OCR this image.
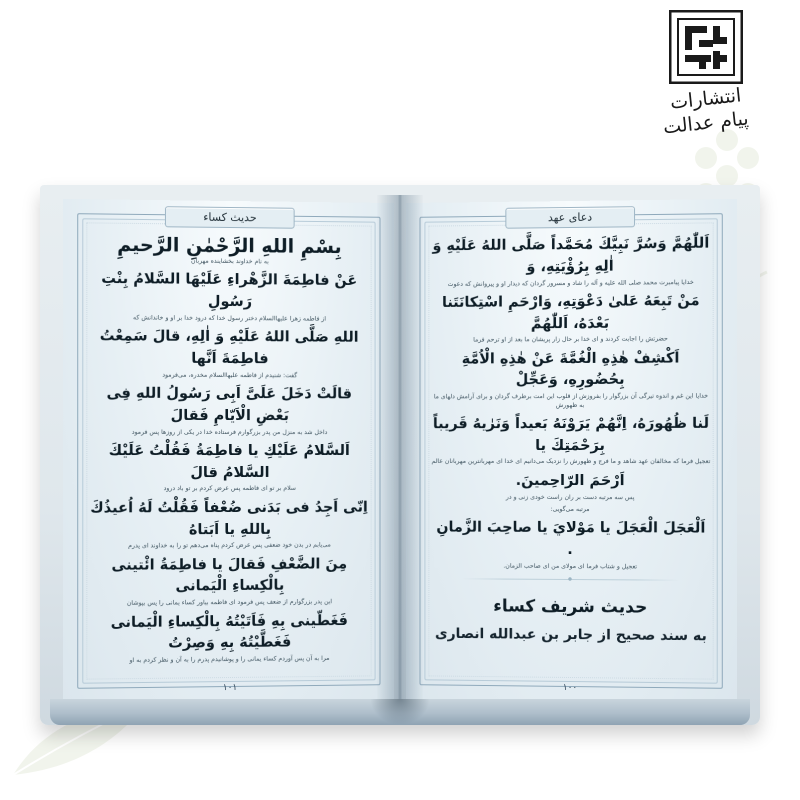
انتشارات
پیام عدالت
دعای عهد
اَللّٰهُمَّ وَسُرَّ نَبِيَّكَ مُحَمَّداً صَلَّى اللهُ عَلَيْهِ وَ اٰلِهِ بِرُؤْيَتِهِ، وَ
خدایا پیامبرت محمد صلی الله علیه و آله را شاد و مسرور گردان که دیدار او و پیروانش که دعوت
مَنْ تَبِعَهُ عَلىٰ دَعْوَتِهِ، وَارْحَمِ اسْتِكانَتَنا بَعْدَهُ، اَللّٰهُمَّ
حضرتش را اجابت کردند و ای خدا بر حال زار پریشان ما بعد از او ترحم فرما
اَكْشِفْ هٰذِهِ الْغُمَّةَ عَنْ هٰذِهِ الْاُمَّةِ بِحُضُورِهِ، وَعَجِّلْ
خدایا این غم و اندوه تیرگی آن بزرگوار را بفروزش از قلوب این امت برطرف گردان و برای آرامش دلهای ما به ظهورش
لَنا ظُهُورَهُ، اِنَّهُمْ يَرَوْنَهُ بَعيداً وَنَرٰيهُ قَريباً بِرَحْمَتِكَ يا
تعجیل فرما که مخالفان عهد شاهد و ما فرج و ظهورش را نزدیک می‌دانیم ای خدا ای مهربانترین مهربانان عالم
اَرْحَمَ الرّاحِمينَ.
پس سه مرتبه دست بر ران راست خودی زنی و در
مرتبه می‌گویی:
اَلْعَجَلَ الْعَجَلَ يا مَوْلايَ يا صاحِبَ الزَّمانِ .
تعجیل و شتاب فرما ای مولای من ای صاحب الزمان.
حدیث شریف کساء
به سند صحیح از جابر بن عبدالله انصاری
۱۰۰
حدیث کساء
بِسْمِ اللهِ الرَّحْمٰنِ الرَّحيمِ
به نام خداوند بخشاینده مهربان
عَنْ فاطِمَةَ الزَّهْراءِ عَلَيْهَا السَّلامُ بِنْتِ رَسُولِ
از فاطمه زهرا علیهاالسلام دختر رسول خدا که درود خدا بر او و خاندانش که
اللهِ صَلَّى اللهُ عَلَيْهِ وَ اٰلِهِ، قالَ سَمِعْتُ فاطِمَةَ اَنَّها
گفت: شنیدم از فاطمه علیهاالسلام مخدره، می‌فرمود
قالَتْ دَخَلَ عَلَىَّ اَبِى رَسُولُ اللهِ فِى بَعْضِ الْاَيّامِ فَقالَ
داخل شد به منزل من پدر بزرگوارم فرستاده خدا در یکی از روزها پس فرمود
اَلسَّلامُ عَلَيْكِ يا فاطِمَةُ فَقُلْتُ عَلَيْكَ السَّلامُ قالَ
سلام بر تو ای فاطمه پس عرض کردم بر تو باد درود
اِنّى اَجِدُ فى بَدَنى ضُعْفاً فَقُلْتُ لَهُ اُعيذُكَ بِاللهِ يا اَبَتاهُ
می‌یابم در بدن خود ضعفی پس عرض کردم پناه می‌دهم تو را به خداوند ای پدرم
مِنَ الضَّعْفِ فَقالَ يا فاطِمَةُ ائْتينى بِالْكِساءِ الْيَمانى
این پدر بزرگوارم از ضعف پس فرمود ای فاطمه بیاور کساء یمانی را پس بپوشان
فَغَطّينى بِهِ فَاَتَيْتُهُ بِالْكِساءِ الْيَمانى فَغَطَّيْتُهُ بِهِ وَصِرْتُ
مرا به آن پس آوردم کساء یمانی را و پوشانیدم پدرم را به آن و نظر کردم به او
۱۰۱
